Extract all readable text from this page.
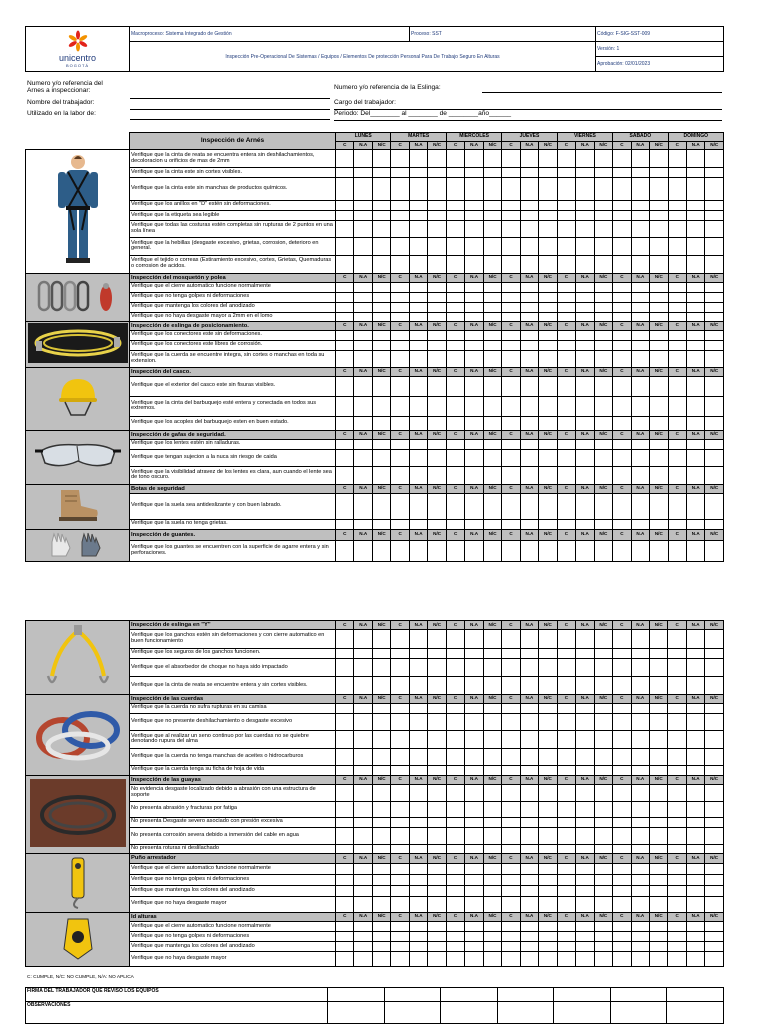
unicentro
BOGOTÁ	Macroproceso: Sistema Integrado de Gestión	Proceso: SST	Código: F-SIG-SST-009
	Inspección Pre-Operacional De Sistemas / Equipos / Elementos De protección Personal Para De Trabajo Seguro En Alturas		Versión: 1
			Aprobación: 02/01/2023
Numero y/o referencia del
Arnes a inspeccionar:
Nombre del trabajador:
Utilizado en la labor de:
Numero y/o referencia de la Eslinga:
Cargo del trabajador:
Periodo: Del________ al ________ de ________año______
	Inspección de Arnés	LUNES			MARTES			MIERCOLES			JUEVES			VIERNES			SABADO			DOMINGO		
		C	N.A	N/C	C	N.A	N/C	C	N.A	N/C	C	N.A	N/C	C	N.A	N/C	C	N.A	N/C	C	N.A	N/C
	Verifique que la cinta de reata se encuentra entera sin deshilachamientos, decoloracion u orificios de mas de 2mm																					
	Verifique que la cinta este sin cortes visibles.																					
	Verifique que la cinta este sin manchas de productos químicos.																					
	Verifique que los anillos en "D" estén sin deformaciones.																					
	Verifique que la etiqueta sea legible																					
	Verifique que todas las costuras estén completas sin rupturas de 2 puntos en una sola línea																					
	Verifique que la hebillas (desgaste excesivo, grietas, corrosion, deterioro en general.																					
	Verifique el tejido o correas (Estiramiento excesivo, cortes, Grietas, Quemaduras o corrosion de acidos.																					
	Inspección del mosquetón y polea	C	N.A	N/C	C	N.A	N/C	C	N.A	N/C	C	N.A	N/C	C	N.A	N/C	C	N.A	N/C	C	N.A	N/C
	Verifique que el cierre automatico funcione normalmente																					
	Verifique que no tenga golpes ni deformaciones																					
	Verifique que mantenga los colores del anodizado																					
	Verifique que no haya desgaste mayor a 2mm en el lomo																					
	Inspección de eslinga de posicionamiento.	C	N.A	N/C	C	N.A	N/C	C	N.A	N/C	C	N.A	N/C	C	N.A	N/C	C	N.A	N/C	C	N.A	N/C
	Verifique que los conectores este sin deformaciones.																					
	Verifique que los conectores este libres de corrosión.																					
	Verifique que la cuerda se encuentre integra, sin cortes o manchas en toda su extension.																					
	Inspección del casco.	C	N.A	N/C	C	N.A	N/C	C	N.A	N/C	C	N.A	N/C	C	N.A	N/C	C	N.A	N/C	C	N.A	N/C
	Verifique que el exterior del casco este sin fisuras visibles.																					
	Verifique que la cinta del barbuquejo esté entera y conectada en todos sus extremos.																					
	Verifique que los acoples del barbuquejo esten en buen estado.																					
	Inspección de gafas de seguridad.	C	N.A	N/C	C	N.A	N/C	C	N.A	N/C	C	N.A	N/C	C	N.A	N/C	C	N.A	N/C	C	N.A	N/C
	Verifique que los lentes estén sin ralladuras.																					
	Verifique que tengan sujecion a la nuca sin riesgo de caida																					
	Verifique que la visibilidad atravez de los lentes es clara, aun cuando el lente sea de tono oscuro.																					
	Botas de seguridad	C	N.A	N/C	C	N.A	N/C	C	N.A	N/C	C	N.A	N/C	C	N.A	N/C	C	N.A	N/C	C	N.A	N/C
	Verifique que la suela sea antideslizante y con buen labrado.																					
	Verifique que la suela no tenga grietas.																					
	Inspección de guantes.	C	N.A	N/C	C	N.A	N/C	C	N.A	N/C	C	N.A	N/C	C	N.A	N/C	C	N.A	N/C	C	N.A	N/C
	Verifique que los guantes se encuentren con la superficie de agarre entera y sin perforaciones.																					
	Inspección de eslinga en "Y"	C	N.A	N/C	C	N.A	N/C	C	N.A	N/C	C	N.A	N/C	C	N.A	N/C	C	N.A	N/C	C	N.A	N/C
	Verifique que los ganchos estén sin deformaciones y con cierre automatico en buen funcionamiento																					
	Verifique que los seguros de los ganchos funcionen.																					
	Verifique que el absorbedor de choque no haya sido impactado																					
	Verifique que la cinta de reata se encuentre entera y sin cortes visibles.																					
	Inspección de las cuerdas	C	N.A	N/C	C	N.A	N/C	C	N.A	N/C	C	N.A	N/C	C	N.A	N/C	C	N.A	N/C	C	N.A	N/C
	Verifique que la cuerda no sufra rupturas en su camisa																					
	Verifique que no presente deshilachamiento o desgaste excesivo																					
	Verifique que al realizar un seno continuo por las cuerdas no se quiebre denotando rupura del alma																					
	Verifique que la cuerda no tenga manchas de aceites o hidrocarburos																					
	Verifique que la cuerda tenga su ficha de hoja de vida																					
	Inspección de las guayas	C	N.A	N/C	C	N.A	N/C	C	N.A	N/C	C	N.A	N/C	C	N.A	N/C	C	N.A	N/C	C	N.A	N/C
	No evidencia desgaste localizado debido a abrasión con una estructura de soporte																					
	No presenta abrasión y fracturas por fatiga																					
	No presenta Desgaste severo asociado con presión excesiva																					
	No presenta corrosión severa debido a inmersión del cable en agua																					
	No presenta roturas ni deslilachado																					
	Puño arrestador	C	N.A	N/C	C	N.A	N/C	C	N.A	N/C	C	N.A	N/C	C	N.A	N/C	C	N.A	N/C	C	N.A	N/C
	Verifique que el cierre automatico funcione normalmente																					
	Verifique que no tenga golpes ni deformaciones																					
	Verifique que mantenga los colores del anodizado																					
	Verifique que no haya desgaste mayor																					
	Id alturas	C	N.A	N/C	C	N.A	N/C	C	N.A	N/C	C	N.A	N/C	C	N.A	N/C	C	N.A	N/C	C	N.A	N/C
	Verifique que el cierre automatico funcione normalmente																					
	Verifique que no tenga golpes ni deformaciones																					
	Verifique que mantenga los colores del anodizado																					
	Verifique que no haya desgaste mayor																					
C: CUMPLE, N/C: NO CUMPLE, N/A: NO APLICA
FIRMA DEL TRABAJADOR QUE REVISO LOS EQUIPOS							
OBSERVACIONES							
